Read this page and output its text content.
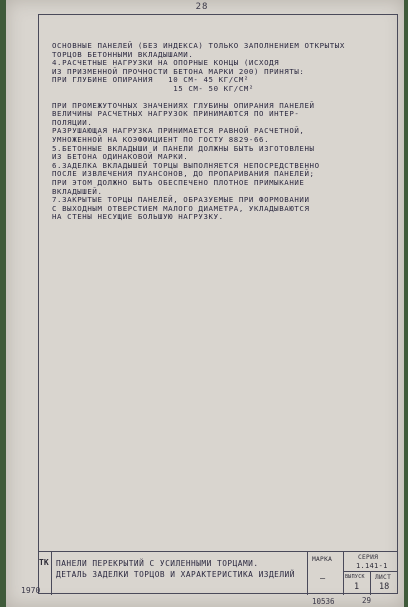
28

ОСНОВНЫЕ ПАНЕЛЕЙ (БЕЗ ИНДЕКСА) ТОЛЬКО ЗАПОЛНЕНИЕМ ОТКРЫТЫХ

ТОРЦОВ БЕТОННЫМИ ВКЛАДЫШАМИ.

4.РАСЧЕТНЫЕ НАГРУЗКИ НА ОПОРНЫЕ КОНЦЫ (ИСХОДЯ

ИЗ ПРИЗМЕННОЙ ПРОЧНОСТИ БЕТОНА МАРКИ 200) ПРИНЯТЫ:

ПРИ ГЛУБИНЕ ОПИРАНИЯ   10 СМ- 45 КГ/СМ²

15 СМ- 50 КГ/СМ²

ПРИ ПРОМЕЖУТОЧНЫХ ЗНАЧЕНИЯХ ГЛУБИНЫ ОПИРАНИЯ ПАНЕЛЕЙ

ВЕЛИЧИНЫ РАСЧЕТНЫХ НАГРУЗОК ПРИНИМАЮТСЯ ПО ИНТЕР-

ПОЛЯЦИИ.

РАЗРУШАЮЩАЯ НАГРУЗКА ПРИНИМАЕТСЯ РАВНОЙ РАСЧЕТНОЙ,

УМНОЖЕННОЙ НА КОЭФФИЦИЕНТ ПО ГОСТУ 8829-66.

5.БЕТОННЫЕ ВКЛАДЫШИ И ПАНЕЛИ ДОЛЖНЫ БЫТЬ ИЗГОТОВЛЕНЫ

ИЗ БЕТОНА ОДИНАКОВОЙ МАРКИ.

6.ЗАДЕЛКА ВКЛАДЫШЕЙ ТОРЦЫ ВЫПОЛНЯЕТСЯ НЕПОСРЕДСТВЕННО

ПОСЛЕ ИЗВЛЕЧЕНИЯ ПУАНСОНОВ, ДО ПРОПАРИВАНИЯ ПАНЕЛЕЙ;

ПРИ ЭТОМ ДОЛЖНО БЫТЬ ОБЕСПЕЧЕНО ПЛОТНОЕ ПРИМЫКАНИЕ

ВКЛАДЫШЕЙ.

7.ЗАКРЫТЫЕ ТОРЦЫ ПАНЕЛЕЙ, ОБРАЗУЕМЫЕ ПРИ ФОРМОВАНИИ

С ВЫХОДНЫМ ОТВЕРСТИЕМ МАЛОГО ДИАМЕТРА, УКЛАДЫВАЮТСЯ

НА СТЕНЫ НЕСУЩИЕ БОЛЬШУЮ НАГРУЗКУ.

ТК ПАНЕЛИ ПЕРЕКРЫТИЙ С УСИЛЕННЫМИ ТОРЦАМИ.
ДЕТАЛЬ ЗАДЕЛКИ ТОРЦОВ И ХАРАКТЕРИСТИКА ИЗДЕЛИЙ
МАРКА
—
СЕРИЯ
1.141-1
ВЫПУСК
1
ЛИСТ
18
1970
10536	29
